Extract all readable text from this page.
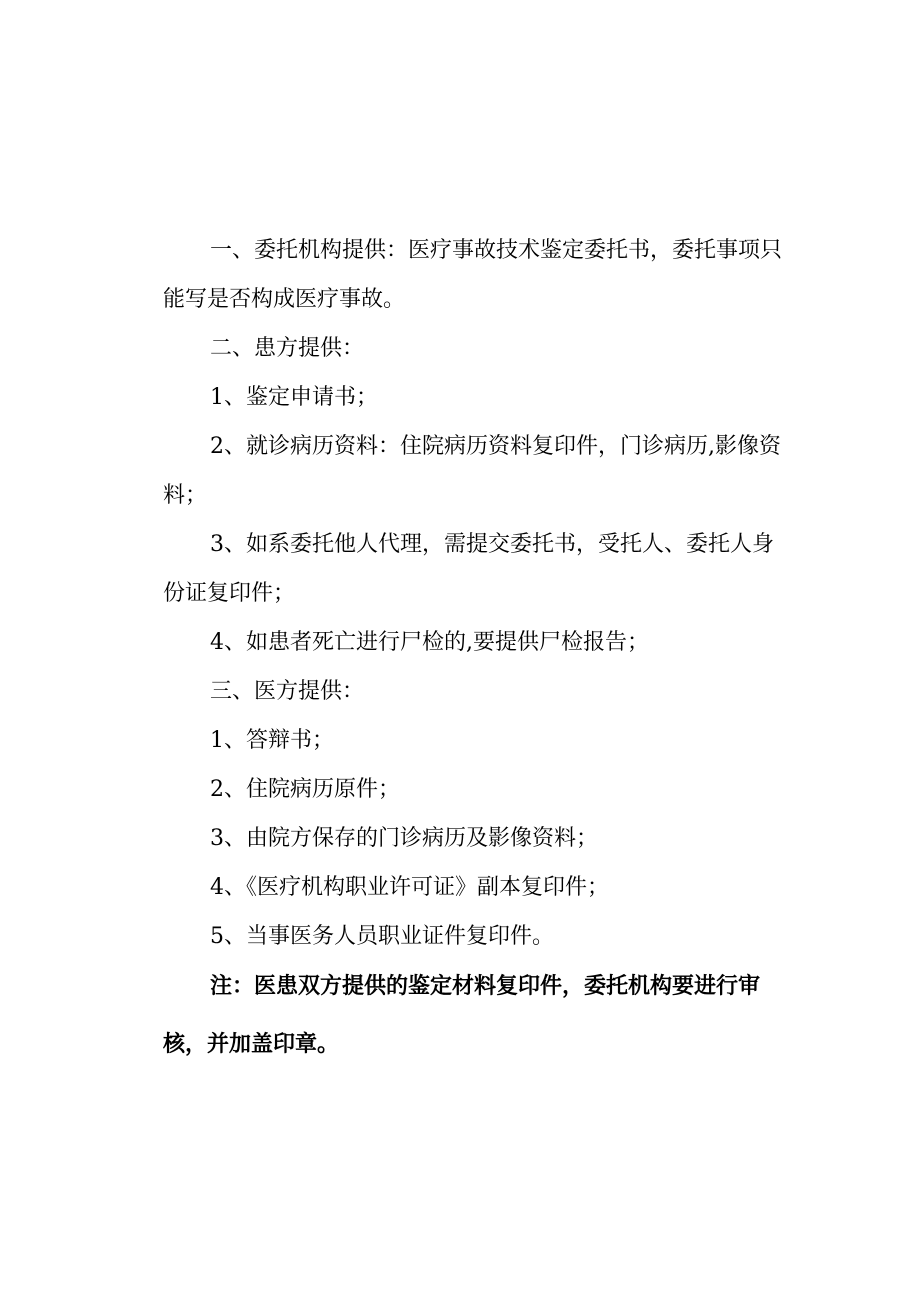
一、委托机构提供：医疗事故技术鉴定委托书，委托事项只能写是否构成医疗事故。

二、患方提供：

1、鉴定申请书；

2、就诊病历资料：住院病历资料复印件，门诊病历,影像资料；

3、如系委托他人代理，需提交委托书，受托人、委托人身份证复印件；

4、如患者死亡进行尸检的,要提供尸检报告；

三、医方提供：

1、答辩书；

2、住院病历原件；

3、由院方保存的门诊病历及影像资料；

4、《医疗机构职业许可证》副本复印件；

5、当事医务人员职业证件复印件。

注：医患双方提供的鉴定材料复印件，委托机构要进行审核，并加盖印章。
